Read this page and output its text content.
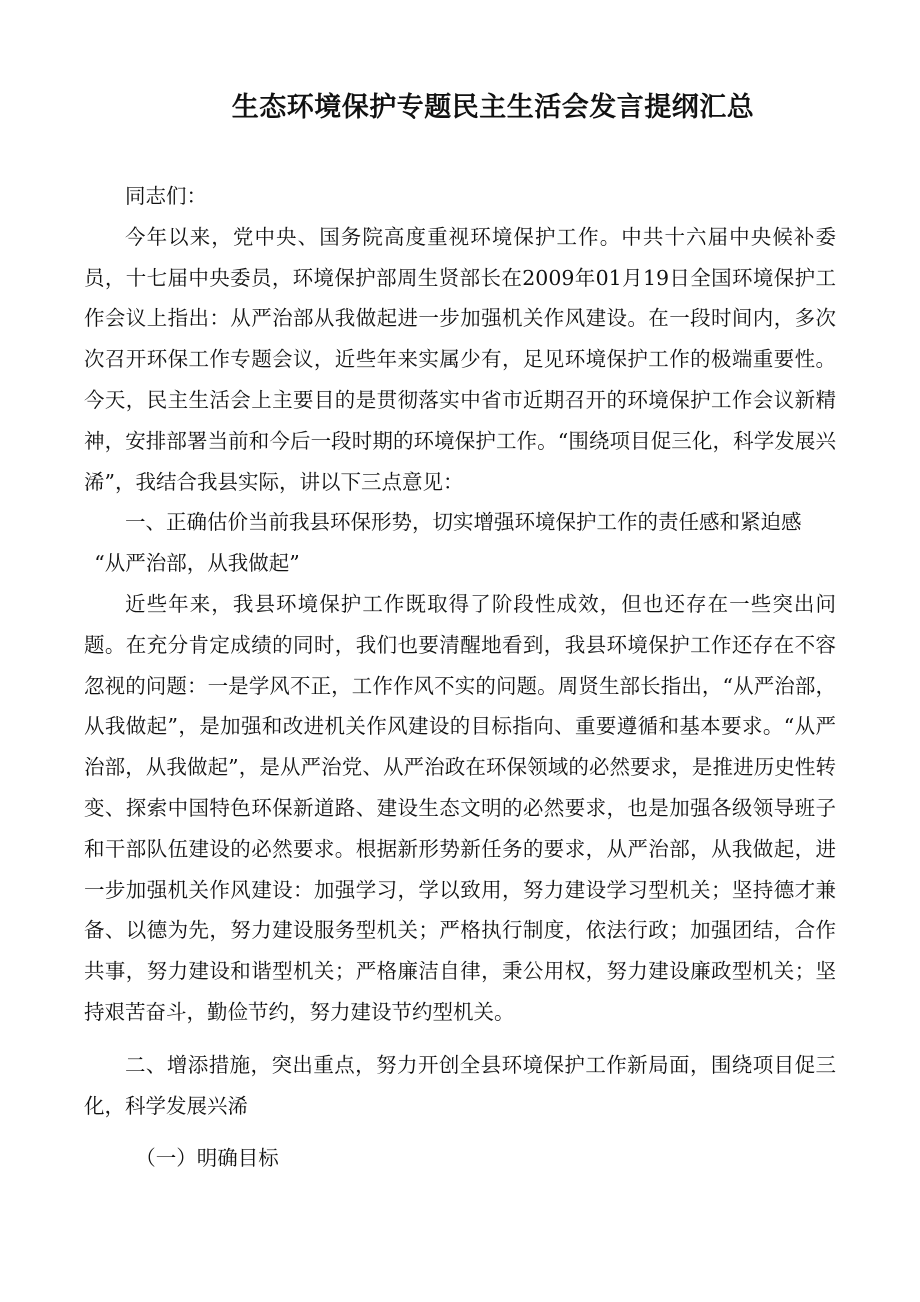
生态环境保护专题民主生活会发言提纲汇总

同志们：

今年以来，党中央、国务院高度重视环境保护工作。中共十六届中央候补委员，十七届中央委员，环境保护部周生贤部长在2009年01月19日全国环境保护工作会议上指出：从严治部从我做起进一步加强机关作风建设。在一段时间内，多次次召开环保工作专题会议，近些年来实属少有，足见环境保护工作的极端重要性。今天，民主生活会上主要目的是贯彻落实中省市近期召开的环境保护工作会议新精神，安排部署当前和今后一段时期的环境保护工作。“围绕项目促三化，科学发展兴浠”，我结合我县实际，讲以下三点意见：

一、正确估价当前我县环保形势，切实增强环境保护工作的责任感和紧迫感

“从严治部，从我做起”

近些年来，我县环境保护工作既取得了阶段性成效，但也还存在一些突出问题。在充分肯定成绩的同时，我们也要清醒地看到，我县环境保护工作还存在不容忽视的问题：一是学风不正，工作作风不实的问题。周贤生部长指出，“从严治部，从我做起”，是加强和改进机关作风建设的目标指向、重要遵循和基本要求。“从严治部，从我做起”，是从严治党、从严治政在环保领域的必然要求，是推进历史性转变、探索中国特色环保新道路、建设生态文明的必然要求，也是加强各级领导班子和干部队伍建设的必然要求。根据新形势新任务的要求，从严治部，从我做起，进一步加强机关作风建设：加强学习，学以致用，努力建设学习型机关；坚持德才兼备、以德为先，努力建设服务型机关；严格执行制度，依法行政；加强团结，合作共事，努力建设和谐型机关；严格廉洁自律，秉公用权，努力建设廉政型机关；坚持艰苦奋斗，勤俭节约，努力建设节约型机关。

二、增添措施，突出重点，努力开创全县环境保护工作新局面，围绕项目促三化，科学发展兴浠

（一）明确目标
